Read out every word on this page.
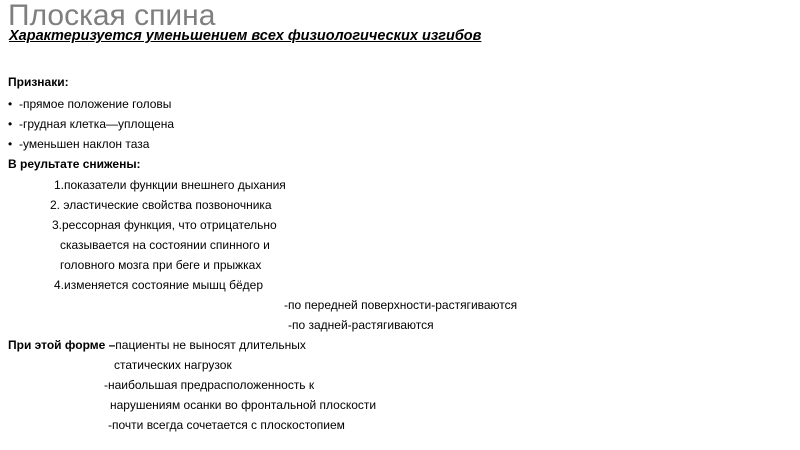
Плоская спина
Характеризуется уменьшением всех физиологических изгибов
Признаки:
• -прямое положение головы
• -грудная клетка—уплощена
• -уменьшен наклон таза
В реультате снижены:
1.показатели функции внешнего дыхания
2. эластические свойства позвоночника
3.рессорная функция, что отрицательно
сказывается на состоянии спинного и
головного мозга при беге и прыжках
4.изменяется состояние мышц бёдер
-по передней поверхности-растягиваются
-по задней-растягиваются
При этой форме –пациенты не выносят длительных
статических нагрузок
-наибольшая предрасположенность к
нарушениям осанки во фронтальной плоскости
-почти всегда сочетается с плоскостопием
